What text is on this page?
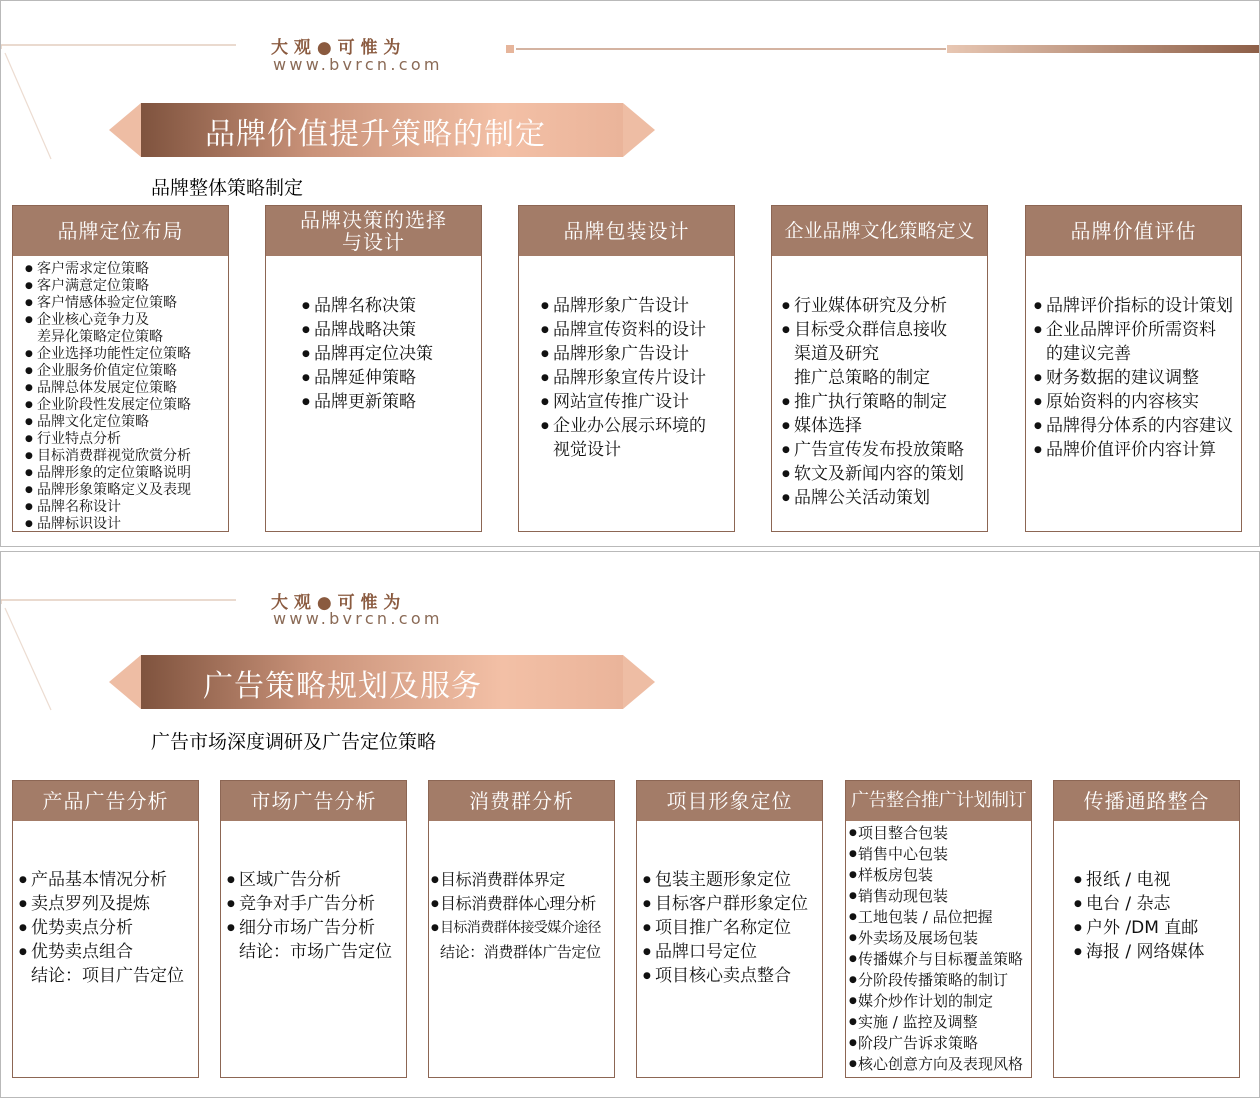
大 观 ● 可 惟 为
www.bvrcn.com
品牌价值提升策略的制定
品牌整体策略制定
品牌定位布局
● 客户需求定位策略
● 客户满意定位策略
● 客户情感体验定位策略
● 企业核心竞争力及
差异化策略定位策略
● 企业选择功能性定位策略
● 企业服务价值定位策略
● 品牌总体发展定位策略
● 企业阶段性发展定位策略
● 品牌文化定位策略
● 行业特点分析
● 目标消费群视觉欣赏分析
● 品牌形象的定位策略说明
● 品牌形象策略定义及表现
● 品牌名称设计
● 品牌标识设计
品牌决策的选择
与设计
● 品牌名称决策
● 品牌战略决策
● 品牌再定位决策
● 品牌延伸策略
● 品牌更新策略
品牌包装设计
● 品牌形象广告设计
● 品牌宣传资料的设计
● 品牌形象广告设计
● 品牌形象宣传片设计
● 网站宣传推广设计
● 企业办公展示环境的
视觉设计
企业品牌文化策略定义
● 行业媒体研究及分析
● 目标受众群信息接收
渠道及研究
推广总策略的制定
● 推广执行策略的制定
● 媒体选择
● 广告宣传发布投放策略
● 软文及新闻内容的策划
● 品牌公关活动策划
品牌价值评估
● 品牌评价指标的设计策划
● 企业品牌评价所需资料
的建议完善
● 财务数据的建议调整
● 原始资料的内容核实
● 品牌得分体系的内容建议
● 品牌价值评价内容计算
大 观 ● 可 惟 为
www.bvrcn.com
广告策略规划及服务
广告市场深度调研及广告定位策略
产品广告分析
● 产品基本情况分析
● 卖点罗列及提炼
● 优势卖点分析
● 优势卖点组合
结论：项目广告定位
市场广告分析
● 区域广告分析
● 竞争对手广告分析
● 细分市场广告分析
结论：市场广告定位
消费群分析
● 目标消费群体界定
● 目标消费群体心理分析
● 目标消费群体接受媒介途径
结论：消费群体广告定位
项目形象定位
● 包装主题形象定位
● 目标客户群形象定位
● 项目推广名称定位
● 品牌口号定位
● 项目核心卖点整合
广告整合推广计划制订
● 项目整合包装
● 销售中心包装
● 样板房包装
● 销售动现包装
● 工地包装 / 品位把握
● 外卖场及展场包装
● 传播媒介与目标覆盖策略
● 分阶段传播策略的制订
● 媒介炒作计划的制定
● 实施 / 监控及调整
● 阶段广告诉求策略
● 核心创意方向及表现风格
传播通路整合
● 报纸 / 电视
● 电台 / 杂志
● 户外 /DM 直邮
● 海报 / 网络媒体
